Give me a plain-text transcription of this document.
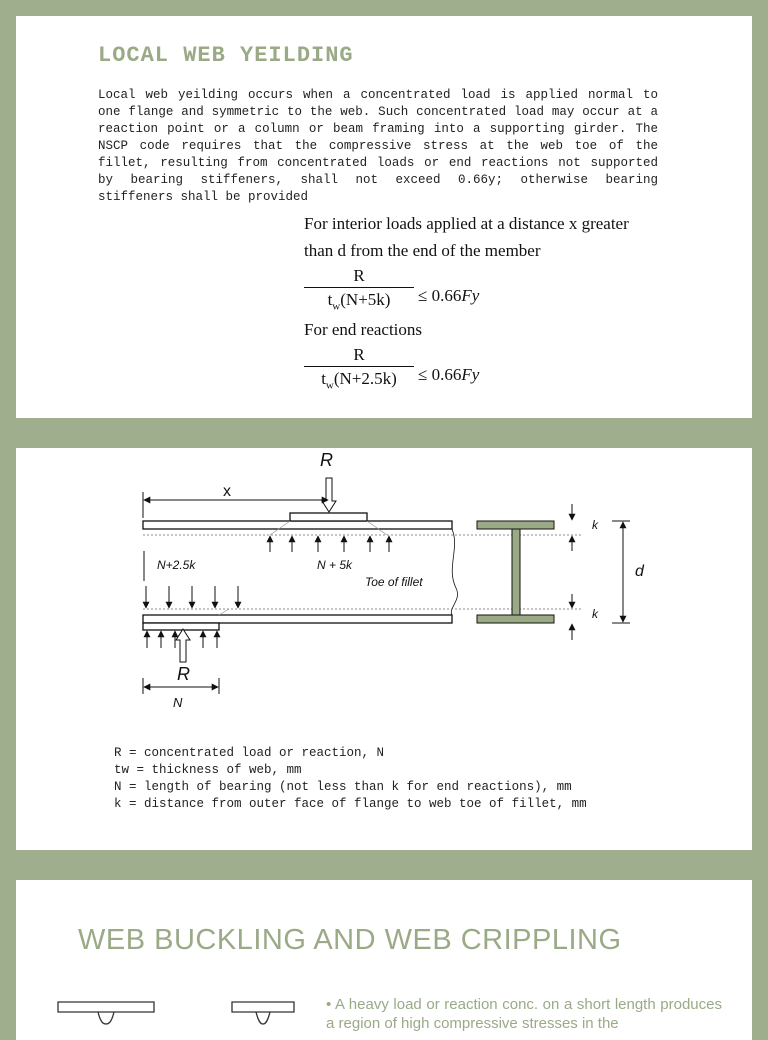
LOCAL WEB YEILDING

Local web yeilding occurs when a concentrated load is applied normal to one flange and symmetric to the web. Such concentrated load may occur at a reaction point or a column or beam framing into a supporting girder. The NSCP code requires that the compressive stress at the web toe of the fillet, resulting from concentrated loads or end reactions not supported by bearing stiffeners, shall not exceed 0.66y; otherwise bearing stiffeners shall be provided

For interior loads applied at a distance x greater
than d from the end of the member
R
$t_w(N+5k)$	≤ 0.66Fy
For end reactions
R
$t_w(N+2.5k)$	≤ 0.66Fy
R
x
R
N
N+2.5k	N + 5k
Toe of fillet
k
k
d
R = concentrated load or reaction, N
tw = thickness of web, mm
N = length of bearing (not less than k for end reactions), mm
k = distance from outer face of flange to web toe of fillet, mm
WEB BUCKLING AND WEB CRIPPLING

• A heavy load or reaction conc. on a short length produces a region of high compressive stresses in the
